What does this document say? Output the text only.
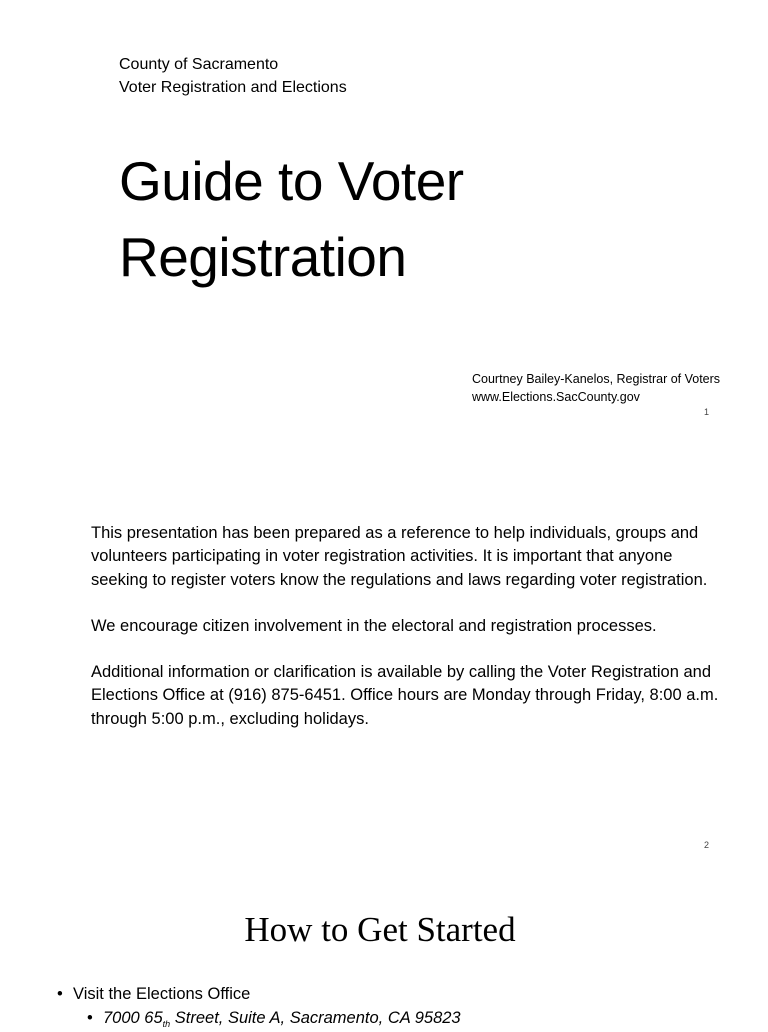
County of Sacramento
Voter Registration and Elections
Guide to Voter
Registration
Courtney Bailey-Kanelos, Registrar of Voters
www.Elections.SacCounty.gov
1

This presentation has been prepared as a reference to help individuals, groups and volunteers participating in voter registration activities. It is important that anyone seeking to register voters know the regulations and laws regarding voter registration.

We encourage citizen involvement in the electoral and registration processes.

Additional information or clarification is available by calling the Voter Registration and Elections Office at (916) 875-6451. Office hours are Monday through Friday, 8:00 a.m. through 5:00 p.m., excluding holidays.

2
How to Get Started
• Visit the Elections Office
• 7000 $65_{th}$ Street, Suite A, Sacramento, CA 95823
